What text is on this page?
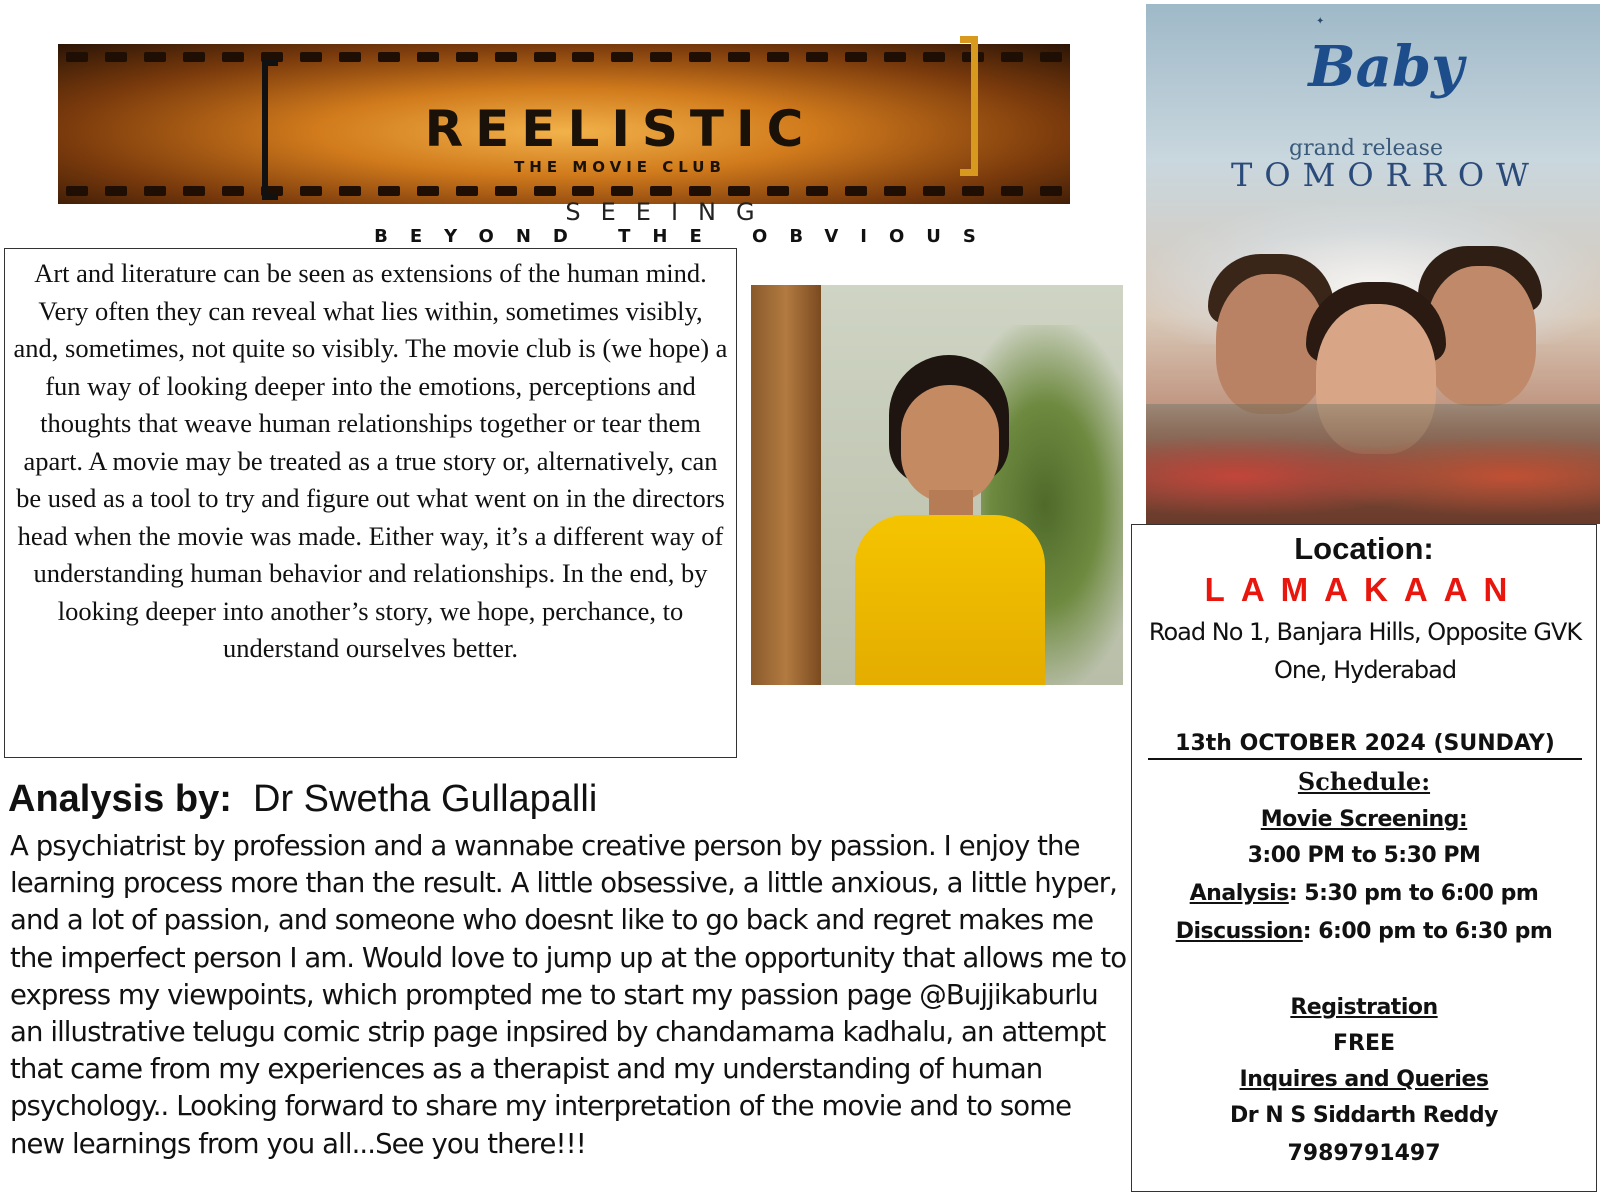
REELISTIC
THE MOVIE CLUB
SEEING
BEYOND THE OBVIOUS

Art and literature can be seen as extensions of the human mind. Very often they can reveal what lies within, sometimes visibly, and, sometimes, not quite so visibly. The movie club is (we hope) a fun way of looking deeper into the emotions, perceptions and thoughts that weave human relationships together or tear them apart. A movie may be treated as a true story or, alternatively, can be used as a tool to try and figure out what went on in the directors head when the movie was made. Either way, it’s a different way of understanding human behavior and relationships. In the end, by looking deeper into another’s story, we hope, perchance, to understand ourselves better.

✦
Baby
grand release
TOMORROW
Location:
LAMAKAAN
Road No 1, Banjara Hills, Opposite GVK One, Hyderabad
13th OCTOBER 2024 (SUNDAY)
Schedule:
Movie Screening:
3:00 PM to 5:30 PM
Analysis: 5:30 pm to 6:00 pm
Discussion: 6:00 pm to 6:30 pm
Registration
FREE
Inquires and Queries
Dr N S Siddarth Reddy
7989791497
Analysis by: Dr Swetha Gullapalli
A psychiatrist by profession and a wannabe creative person by passion. I enjoy the learning process more than the result. A little obsessive, a little anxious, a little hyper, and a lot of passion, and someone who doesnt like to go back and regret makes me the imperfect person I am. Would love to jump up at the opportunity that allows me to express my viewpoints, which prompted me to start my passion page @Bujjikaburlu an illustrative telugu comic strip page inpsired by chandamama kadhalu, an attempt that came from my experiences as a therapist and my understanding of human psychology.. Looking forward to share my interpretation of the movie and to some new learnings from you all...See you there!!!
